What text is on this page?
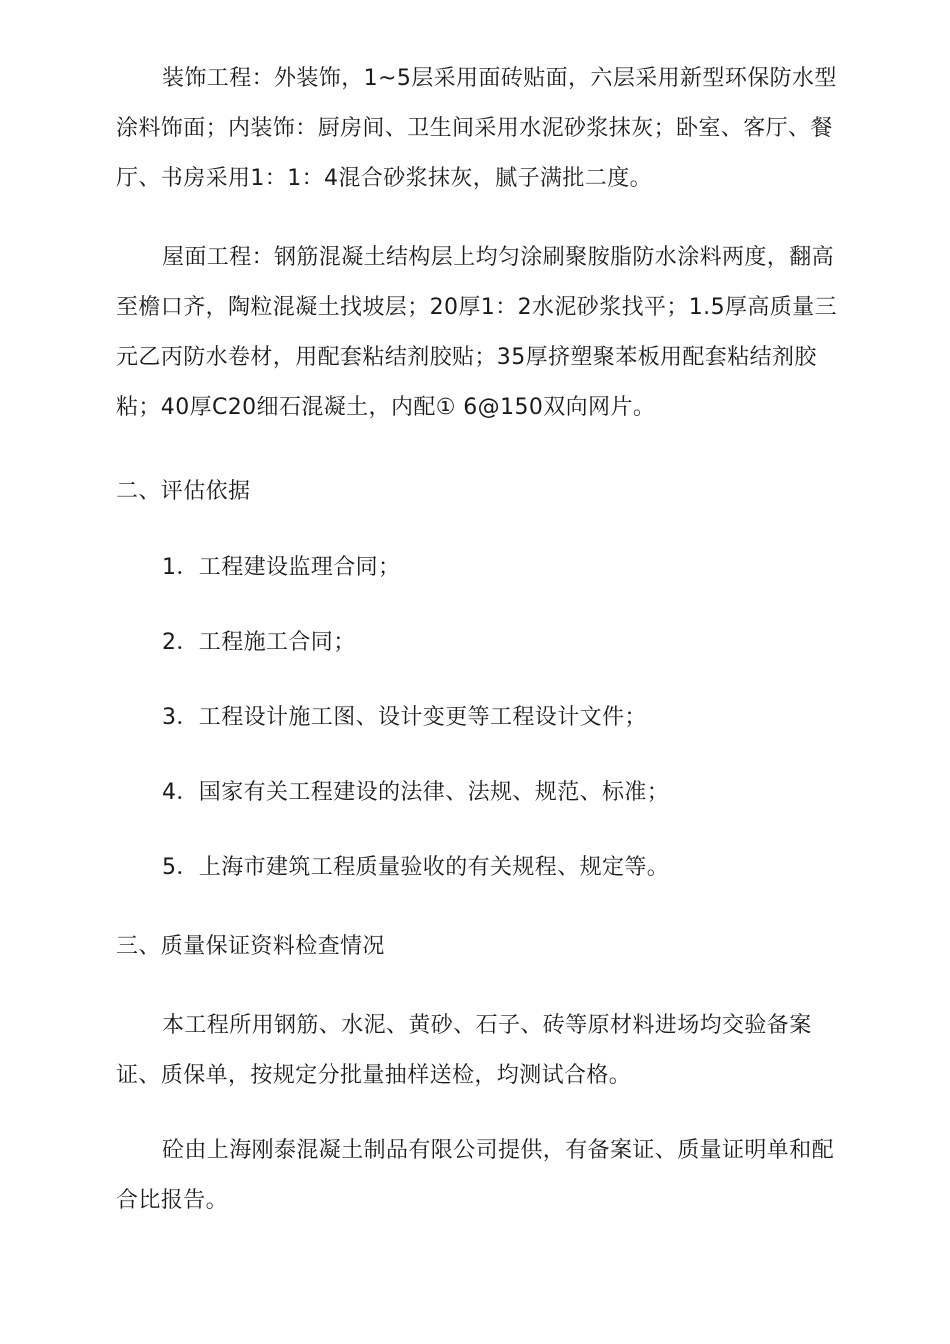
装饰工程：外装饰，1~5层采用面砖贴面，六层采用新型环保防水型涂料饰面；内装饰：厨房间、卫生间采用水泥砂浆抹灰；卧室、客厅、餐厅、书房采用1：1：4混合砂浆抹灰，腻子满批二度。
屋面工程：钢筋混凝土结构层上均匀涂刷聚胺脂防水涂料两度，翻高至檐口齐，陶粒混凝土找坡层；20厚1：2水泥砂浆找平；1.5厚高质量三元乙丙防水卷材，用配套粘结剂胶贴；35厚挤塑聚苯板用配套粘结剂胶粘；40厚C20细石混凝土，内配① 6@150双向网片。
二、评估依据
1．工程建设监理合同；
2．工程施工合同；
3．工程设计施工图、设计变更等工程设计文件；
4．国家有关工程建设的法律、法规、规范、标准；
5．上海市建筑工程质量验收的有关规程、规定等。
三、质量保证资料检查情况
本工程所用钢筋、水泥、黄砂、石子、砖等原材料进场均交验备案证、质保单，按规定分批量抽样送检，均测试合格。
砼由上海刚泰混凝土制品有限公司提供，有备案证、质量证明单和配合比报告。
